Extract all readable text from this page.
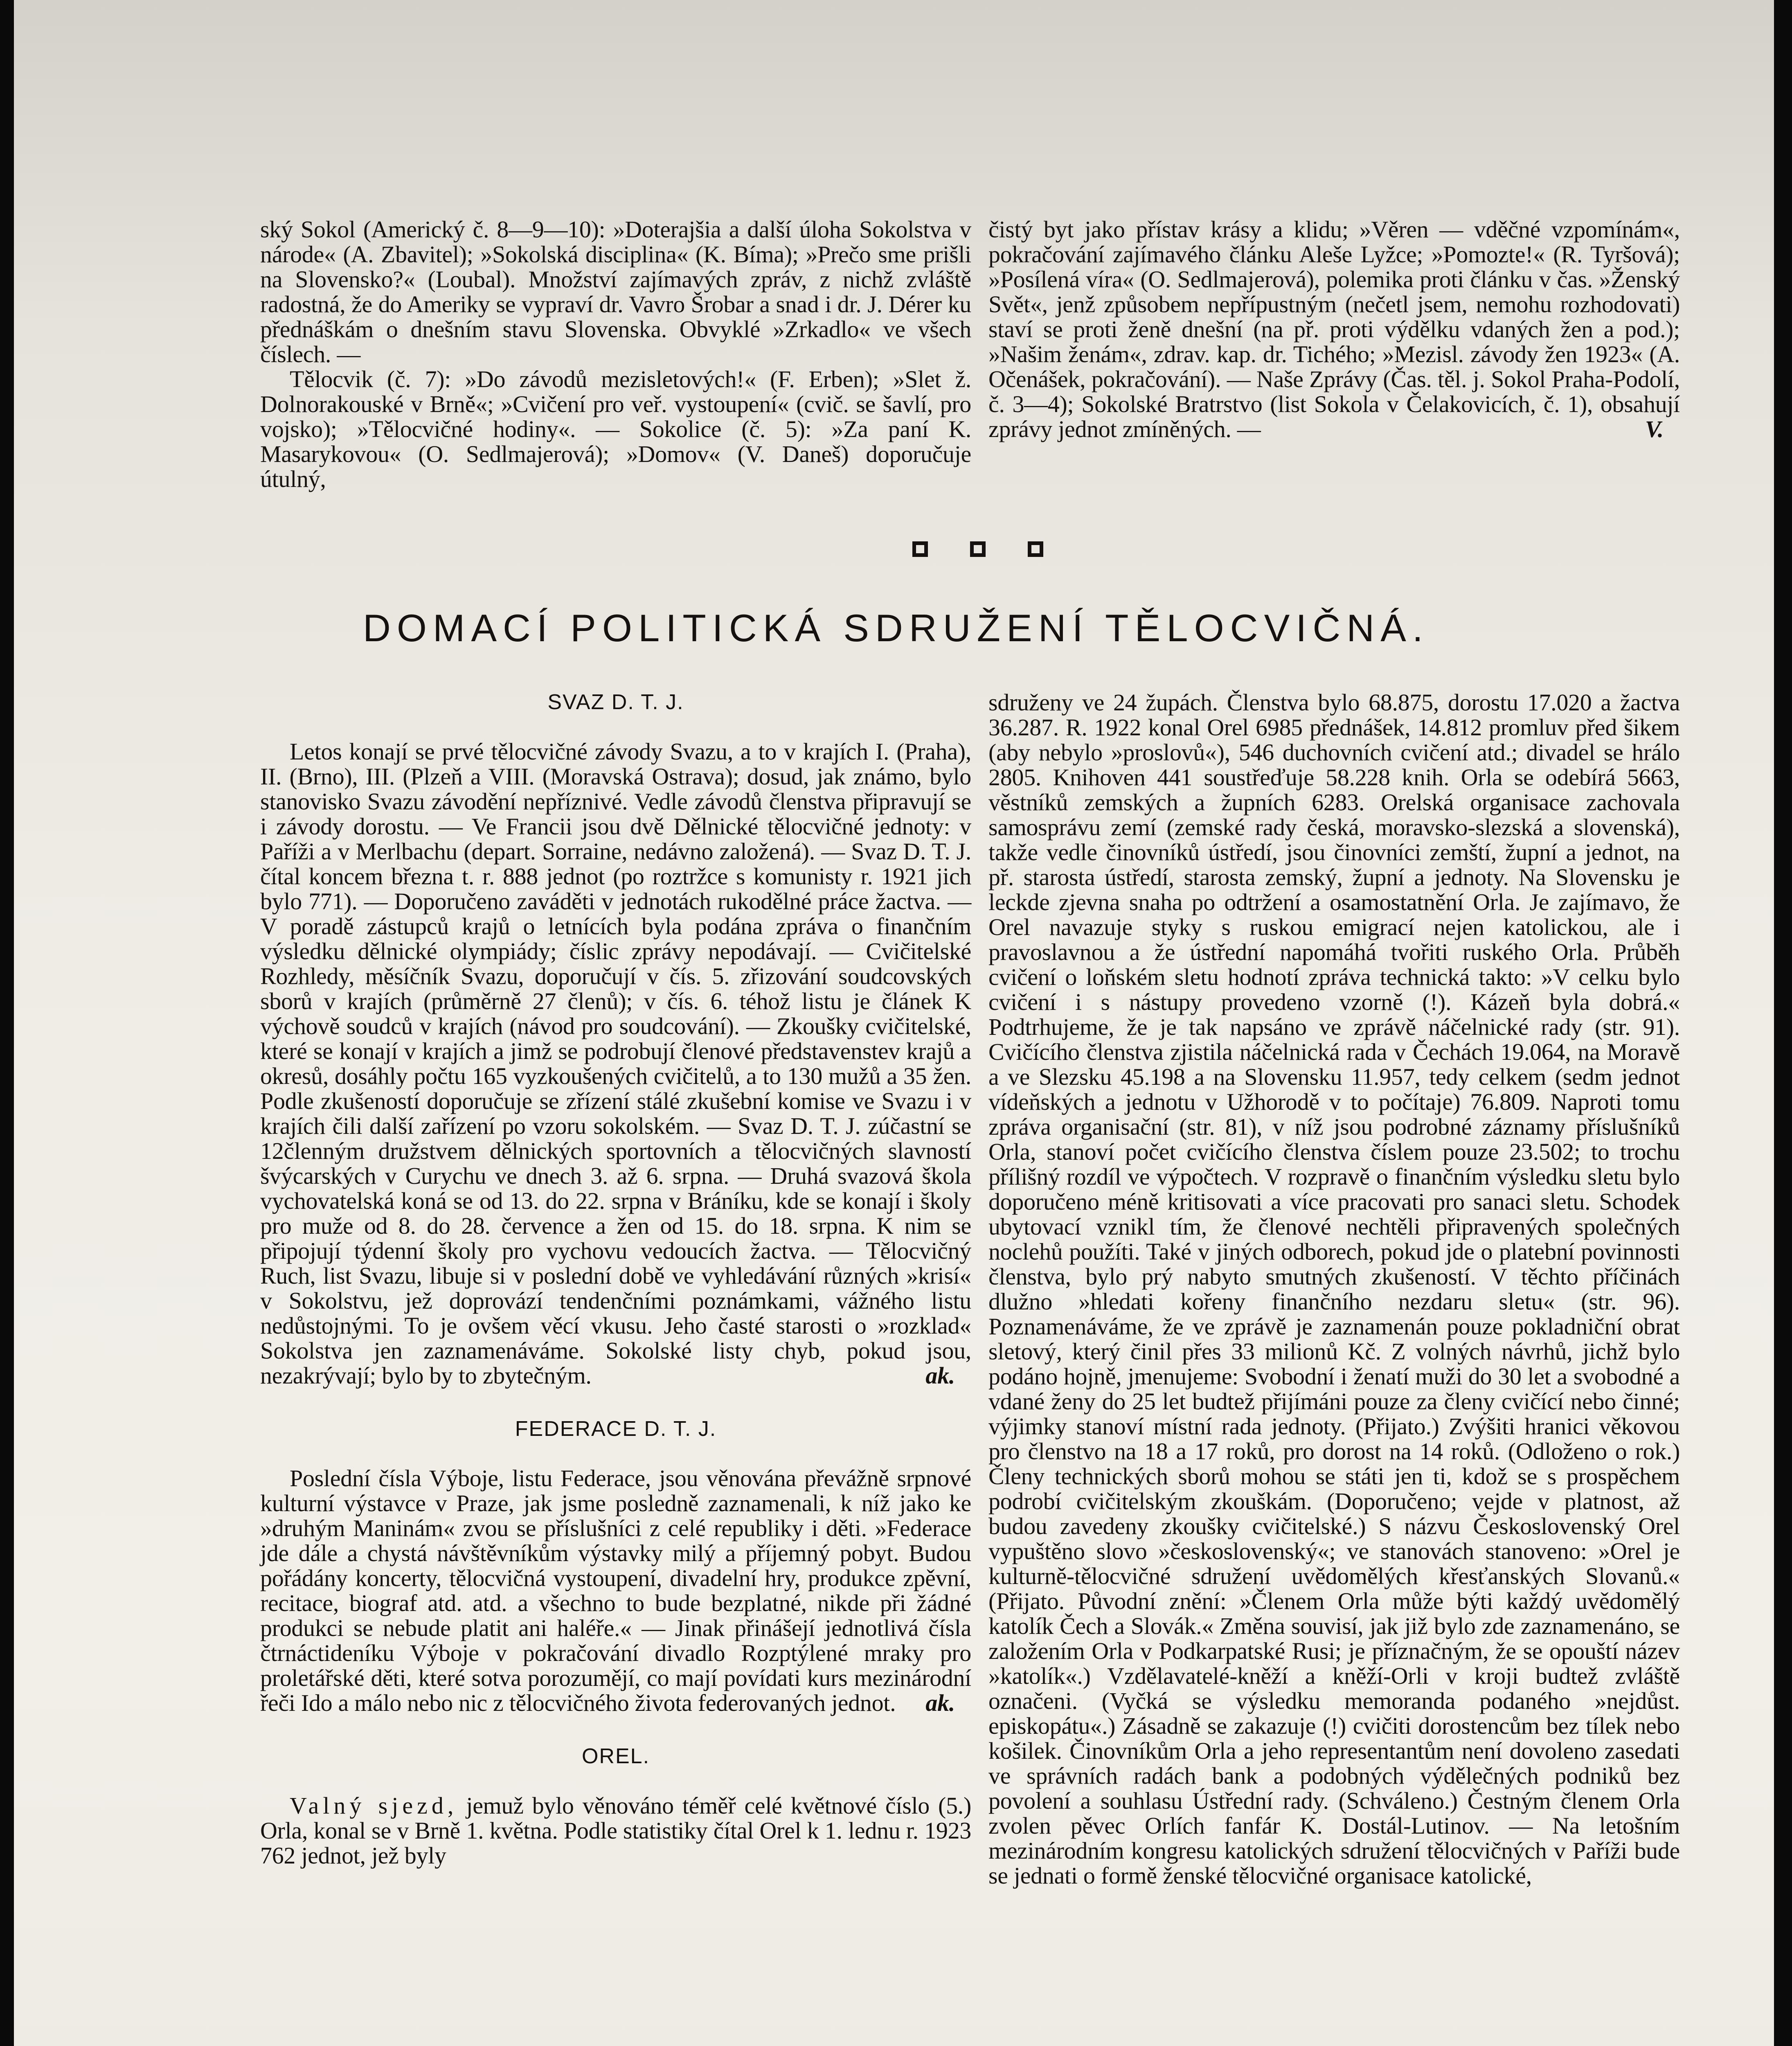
ský Sokol (Americký č. 8—9—10): »Doterajšia a další úloha Sokolstva v národe« (A. Zbavitel); »Sokolská disciplina« (K. Bíma); »Prečo sme prišli na Slovensko?« (Loubal). Množství zajímavých zpráv, z nichž zvláště radostná, že do Ameriky se vypraví dr. Vavro Šrobar a snad i dr. J. Dérer ku přednáškám o dnešním stavu Slovenska. Obvyklé »Zrkadlo« ve všech číslech. —

Tělocvik (č. 7): »Do závodů mezisletových!« (F. Erben); »Slet ž. Dolnorakouské v Brně«; »Cvičení pro veř. vystoupení« (cvič. se šavlí, pro vojsko); »Tělocvičné hodiny«. — Sokolice (č. 5): »Za paní K. Masarykovou« (O. Sedlmajerová); »Domov« (V. Daneš) doporučuje útulný,

čistý byt jako přístav krásy a klidu; »Věren — vděčné vzpomínám«, pokračování zajímavého článku Aleše Lyžce; »Pomozte!« (R. Tyršová); »Posílená víra« (O. Sedlmajerová), polemika proti článku v čas. »Ženský Svět«, jenž způsobem nepřípustným (nečetl jsem, nemohu rozhodovati) staví se proti ženě dnešní (na př. proti výdělku vdaných žen a pod.); »Našim ženám«, zdrav. kap. dr. Tichého; »Mezisl. závody žen 1923« (A. Očenášek, pokračování). — Naše Zprávy (Čas. těl. j. Sokol Praha-Podolí, č. 3—4); Sokolské Bratrstvo (list Sokola v Čelakovicích, č. 1), obsahují zprávy jednot zmíněných. —	V.

DOMACÍ POLITICKÁ SDRUŽENÍ TĚLOCVIČNÁ.
SVAZ D. T. J.

Letos konají se prvé tělocvičné závody Svazu, a to v krajích I. (Praha), II. (Brno), III. (Plzeň a VIII. (Moravská Ostrava); dosud, jak známo, bylo stanovisko Svazu závodění nepříznivé. Vedle závodů členstva připravují se i závody dorostu. — Ve Francii jsou dvě Dělnické tělocvičné jednoty: v Paříži a v Merlbachu (depart. Sorraine, nedávno založená). — Svaz D. T. J. čítal koncem března t. r. 888 jednot (po roztržce s komunisty r. 1921 jich bylo 771). — Doporučeno zaváděti v jednotách rukodělné práce žactva. — V poradě zástupců krajů o letnících byla podána zpráva o finančním výsledku dělnické olympiády; číslic zprávy nepodávají. — Cvičitelské Rozhledy, měsíčník Svazu, doporučují v čís. 5. zřizování soudcovských sborů v krajích (průměrně 27 členů); v čís. 6. téhož listu je článek K výchově soudců v krajích (návod pro soudcování). — Zkoušky cvičitelské, které se konají v krajích a jimž se podrobují členové představenstev krajů a okresů, dosáhly počtu 165 vyzkoušených cvičitelů, a to 130 mužů a 35 žen. Podle zkušeností doporučuje se zřízení stálé zkušební komise ve Svazu i v krajích čili další zařízení po vzoru sokolském. — Svaz D. T. J. zúčastní se 12členným družstvem dělnických sportovních a tělocvičných slavností švýcarských v Curychu ve dnech 3. až 6. srpna. — Druhá svazová škola vychovatelská koná se od 13. do 22. srpna v Bráníku, kde se konají i školy pro muže od 8. do 28. července a žen od 15. do 18. srpna. K nim se připojují týdenní školy pro vychovu vedoucích žactva. — Tělocvičný Ruch, list Svazu, libuje si v poslední době ve vyhledávání různých »krisí« v Sokolstvu, jež doprovází tendenčními poznámkami, vážného listu nedůstojnými. To je ovšem věcí vkusu. Jeho časté starosti o »rozklad« Sokolstva jen zaznamenáváme. Sokolské listy chyb, pokud jsou, nezakrývají; bylo by to zbytečným.	ak.

FEDERACE D. T. J.

Poslední čísla Výboje, listu Federace, jsou věnována převážně srpnové kulturní výstavce v Praze, jak jsme posledně zaznamenali, k níž jako ke »druhým Maninám« zvou se příslušníci z celé republiky i děti. »Federace jde dále a chystá návštěvníkům výstavky milý a příjemný pobyt. Budou pořádány koncerty, tělocvičná vystoupení, divadelní hry, produkce zpěvní, recitace, biograf atd. atd. a všechno to bude bezplatné, nikde při žádné produkci se nebude platit ani haléře.« — Jinak přinášejí jednotlivá čísla čtrnáctideníku Výboje v pokračování divadlo Rozptýlené mraky pro proletářské děti, které sotva porozumějí, co mají povídati kurs mezinárodní řeči Ido a málo nebo nic z tělocvičného života federovaných jednot. ak.

OREL.

Valný sjezd, jemuž bylo věnováno téměř celé květnové číslo (5.) Orla, konal se v Brně 1. května. Podle statistiky čítal Orel k 1. lednu r. 1923 762 jednot, jež byly

sdruženy ve 24 župách. Členstva bylo 68.875, dorostu 17.020 a žactva 36.287. R. 1922 konal Orel 6985 přednášek, 14.812 promluv před šikem (aby nebylo »proslovů«), 546 duchovních cvičení atd.; divadel se hrálo 2805. Knihoven 441 soustřeďuje 58.228 knih. Orla se odebírá 5663, věstníků zemských a župních 6283. Orelská organisace zachovala samosprávu zemí (zemské rady česká, moravsko-slezská a slovenská), takže vedle činovníků ústředí, jsou činovníci zemští, župní a jednot, na př. starosta ústředí, starosta zemský, župní a jednoty. Na Slovensku je leckde zjevna snaha po odtržení a osamostatnění Orla. Je zajímavo, že Orel navazuje styky s ruskou emigrací nejen katolickou, ale i pravoslavnou a že ústřední napomáhá tvořiti ruského Orla. Průběh cvičení o loňském sletu hodnotí zpráva technická takto: »V celku bylo cvičení i s nástupy provedeno vzorně (!). Kázeň byla dobrá.« Podtrhujeme, že je tak napsáno ve zprávě náčelnické rady (str. 91). Cvičícího členstva zjistila náčelnická rada v Čechách 19.064, na Moravě a ve Slezsku 45.198 a na Slovensku 11.957, tedy celkem (sedm jednot vídeňských a jednotu v Užhorodě v to počítaje) 76.809. Naproti tomu zpráva organisační (str. 81), v níž jsou podrobné záznamy příslušníků Orla, stanoví počet cvičícího členstva číslem pouze 23.502; to trochu přílišný rozdíl ve výpočtech. V rozpravě o finančním výsledku sletu bylo doporučeno méně kritisovati a více pracovati pro sanaci sletu. Schodek ubytovací vznikl tím, že členové nechtěli připravených společných noclehů použíti. Také v jiných odborech, pokud jde o platební povinnosti členstva, bylo prý nabyto smutných zkušeností. V těchto příčinách dlužno »hledati kořeny finančního nezdaru sletu« (str. 96). Poznamenáváme, že ve zprávě je zaznamenán pouze pokladniční obrat sletový, který činil přes 33 milionů Kč. Z volných návrhů, jichž bylo podáno hojně, jmenujeme: Svobodní i ženatí muži do 30 let a svobodné a vdané ženy do 25 let budtež přijímáni pouze za členy cvičící nebo činné; výjimky stanoví místní rada jednoty. (Přijato.) Zvýšiti hranici věkovou pro členstvo na 18 a 17 roků, pro dorost na 14 roků. (Odloženo o rok.) Členy technických sborů mohou se státi jen ti, kdož se s prospěchem podrobí cvičitelským zkouškám. (Doporučeno; vejde v platnost, až budou zavedeny zkoušky cvičitelské.) S názvu Československý Orel vypuštěno slovo »československý«; ve stanovách stanoveno: »Orel je kulturně-tělocvičné sdružení uvědomělých křesťanských Slovanů.« (Přijato. Původní znění: »Členem Orla může býti každý uvědomělý katolík Čech a Slovák.« Změna souvisí, jak již bylo zde zaznamenáno, se založením Orla v Podkarpatské Rusi; je příznačným, že se opouští název »katolík«.) Vzdělavatelé-kněží a kněží-Orli v kroji budtež zvláště označeni. (Vyčká se výsledku memoranda podaného »nejdůst. episkopátu«.) Zásadně se zakazuje (!) cvičiti dorostencům bez tílek nebo košilek. Činovníkům Orla a jeho representantům není dovoleno zasedati ve správních radách bank a podobných výdělečných podniků bez povolení a souhlasu Ústřední rady. (Schváleno.) Čestným členem Orla zvolen pěvec Orlích fanfár K. Dostál-Lutinov. — Na letošním mezinárodním kongresu katolických sdružení tělocvičných v Paříži bude se jednati o formě ženské tělocvičné organisace katolické,
